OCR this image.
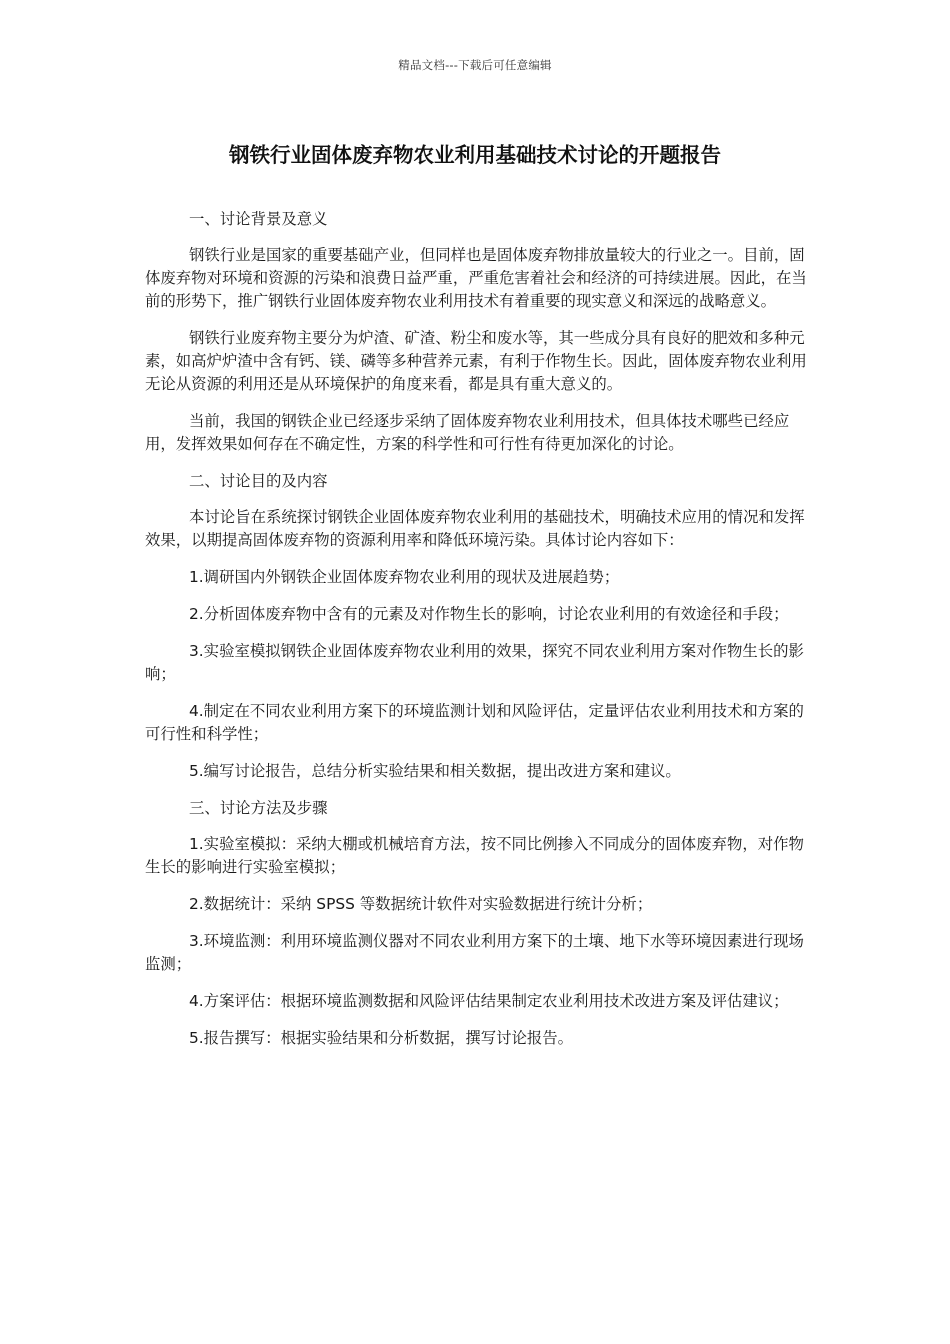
精品文档---下载后可任意编辑
钢铁行业固体废弃物农业利用基础技术讨论的开题报告

一、讨论背景及意义

钢铁行业是国家的重要基础产业，但同样也是固体废弃物排放量较大的行业之一。目前，固体废弃物对环境和资源的污染和浪费日益严重，严重危害着社会和经济的可持续进展。因此，在当前的形势下，推广钢铁行业固体废弃物农业利用技术有着重要的现实意义和深远的战略意义。

钢铁行业废弃物主要分为炉渣、矿渣、粉尘和废水等，其一些成分具有良好的肥效和多种元素，如高炉炉渣中含有钙、镁、磷等多种营养元素，有利于作物生长。因此，固体废弃物农业利用无论从资源的利用还是从环境保护的角度来看，都是具有重大意义的。

当前，我国的钢铁企业已经逐步采纳了固体废弃物农业利用技术，但具体技术哪些已经应用，发挥效果如何存在不确定性，方案的科学性和可行性有待更加深化的讨论。

二、讨论目的及内容

本讨论旨在系统探讨钢铁企业固体废弃物农业利用的基础技术，明确技术应用的情况和发挥效果，以期提高固体废弃物的资源利用率和降低环境污染。具体讨论内容如下：

1.调研国内外钢铁企业固体废弃物农业利用的现状及进展趋势；

2.分析固体废弃物中含有的元素及对作物生长的影响，讨论农业利用的有效途径和手段；

3.实验室模拟钢铁企业固体废弃物农业利用的效果，探究不同农业利用方案对作物生长的影响；

4.制定在不同农业利用方案下的环境监测计划和风险评估，定量评估农业利用技术和方案的可行性和科学性；

5.编写讨论报告，总结分析实验结果和相关数据，提出改进方案和建议。

三、讨论方法及步骤

1.实验室模拟：采纳大棚或机械培育方法，按不同比例掺入不同成分的固体废弃物，对作物生长的影响进行实验室模拟；

2.数据统计：采纳 SPSS 等数据统计软件对实验数据进行统计分析；

3.环境监测：利用环境监测仪器对不同农业利用方案下的土壤、地下水等环境因素进行现场监测；

4.方案评估：根据环境监测数据和风险评估结果制定农业利用技术改进方案及评估建议；

5.报告撰写：根据实验结果和分析数据，撰写讨论报告。
